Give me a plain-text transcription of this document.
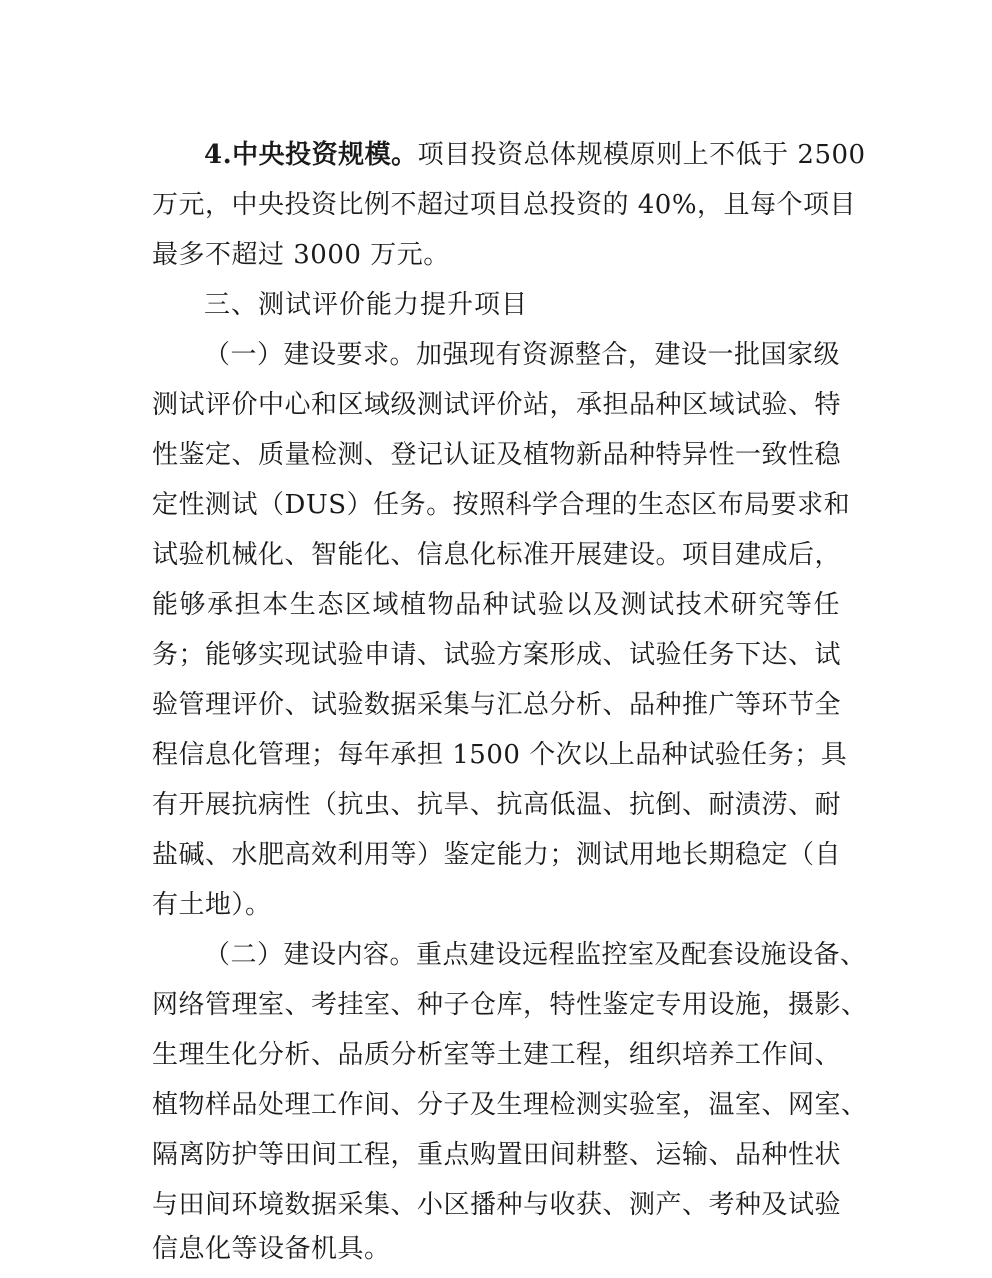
4.中央投资规模。项目投资总体规模原则上不低于 2500
万元，中央投资比例不超过项目总投资的 40%，且每个项目
最多不超过 3000 万元。
三、测试评价能力提升项目
（一）建设要求。加强现有资源整合，建设一批国家级
测试评价中心和区域级测试评价站，承担品种区域试验、特
性鉴定、质量检测、登记认证及植物新品种特异性一致性稳
定性测试（DUS）任务。按照科学合理的生态区布局要求和
试验机械化、智能化、信息化标准开展建设。项目建成后，
能够承担本生态区域植物品种试验以及测试技术研究等任
务；能够实现试验申请、试验方案形成、试验任务下达、试
验管理评价、试验数据采集与汇总分析、品种推广等环节全
程信息化管理；每年承担 1500 个次以上品种试验任务；具
有开展抗病性（抗虫、抗旱、抗高低温、抗倒、耐渍涝、耐
盐碱、水肥高效利用等）鉴定能力；测试用地长期稳定（自
有土地）。
（二）建设内容。重点建设远程监控室及配套设施设备、
网络管理室、考挂室、种子仓库，特性鉴定专用设施，摄影、
生理生化分析、品质分析室等土建工程，组织培养工作间、
植物样品处理工作间、分子及生理检测实验室，温室、网室、
隔离防护等田间工程，重点购置田间耕整、运输、品种性状
与田间环境数据采集、小区播种与收获、测产、考种及试验
信息化等设备机具。
